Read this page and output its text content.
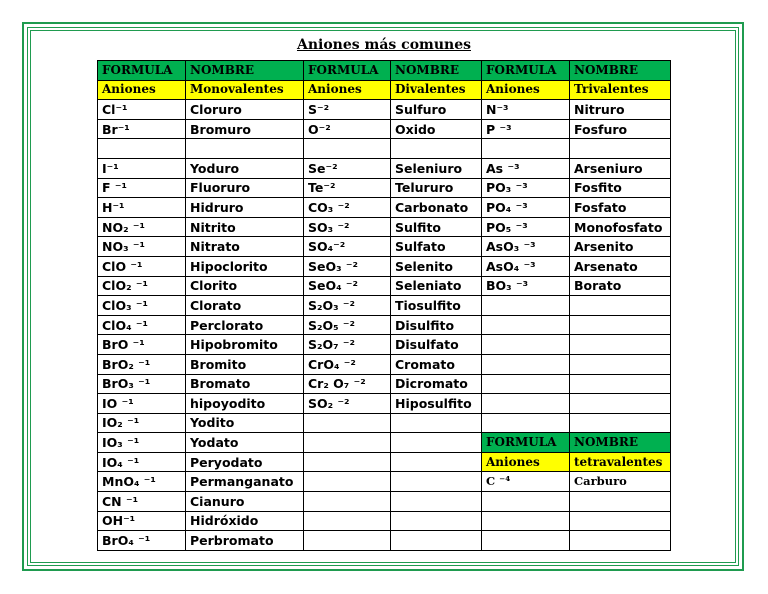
Aniones más comunes
FORMULA	NOMBRE	FORMULA	NOMBRE	FORMULA	NOMBRE
Aniones	Monovalentes	Aniones	Divalentes	Aniones	Trivalentes
Cl⁻¹	Cloruro	S⁻²	Sulfuro	N⁻³	Nitruro
Br⁻¹	Bromuro	O⁻²	Oxido	P ⁻³	Fosfuro

I⁻¹	Yoduro	Se⁻²	Seleniuro	As ⁻³	Arseniuro
F ⁻¹	Fluoruro	Te⁻²	Telururo	PO₃ ⁻³	Fosfito
H⁻¹	Hidruro	CO₃ ⁻²	Carbonato	PO₄ ⁻³	Fosfato
NO₂ ⁻¹	Nitrito	SO₃ ⁻²	Sulfito	PO₅ ⁻³	Monofosfato
NO₃ ⁻¹	Nitrato	SO₄⁻²	Sulfato	AsO₃ ⁻³	Arsenito
ClO ⁻¹	Hipoclorito	SeO₃ ⁻²	Selenito	AsO₄ ⁻³	Arsenato
ClO₂ ⁻¹	Clorito	SeO₄ ⁻²	Seleniato	BO₃ ⁻³	Borato
ClO₃ ⁻¹	Clorato	S₂O₃ ⁻²	Tiosulfito		
ClO₄ ⁻¹	Perclorato	S₂O₅ ⁻²	Disulfito		
BrO ⁻¹	Hipobromito	S₂O₇ ⁻²	Disulfato		
BrO₂ ⁻¹	Bromito	CrO₄ ⁻²	Cromato		
BrO₃ ⁻¹	Bromato	Cr₂ O₇ ⁻²	Dicromato		
IO ⁻¹	hipoyodito	SO₂ ⁻²	Hiposulfito		
IO₂ ⁻¹	Yodito				
IO₃ ⁻¹	Yodato			FORMULA	NOMBRE
IO₄ ⁻¹	Peryodato			Aniones	tetravalentes
MnO₄ ⁻¹	Permanganato			C ⁻⁴	Carburo
CN ⁻¹	Cianuro				
OH⁻¹	Hidróxido				
BrO₄ ⁻¹	Perbromato				
